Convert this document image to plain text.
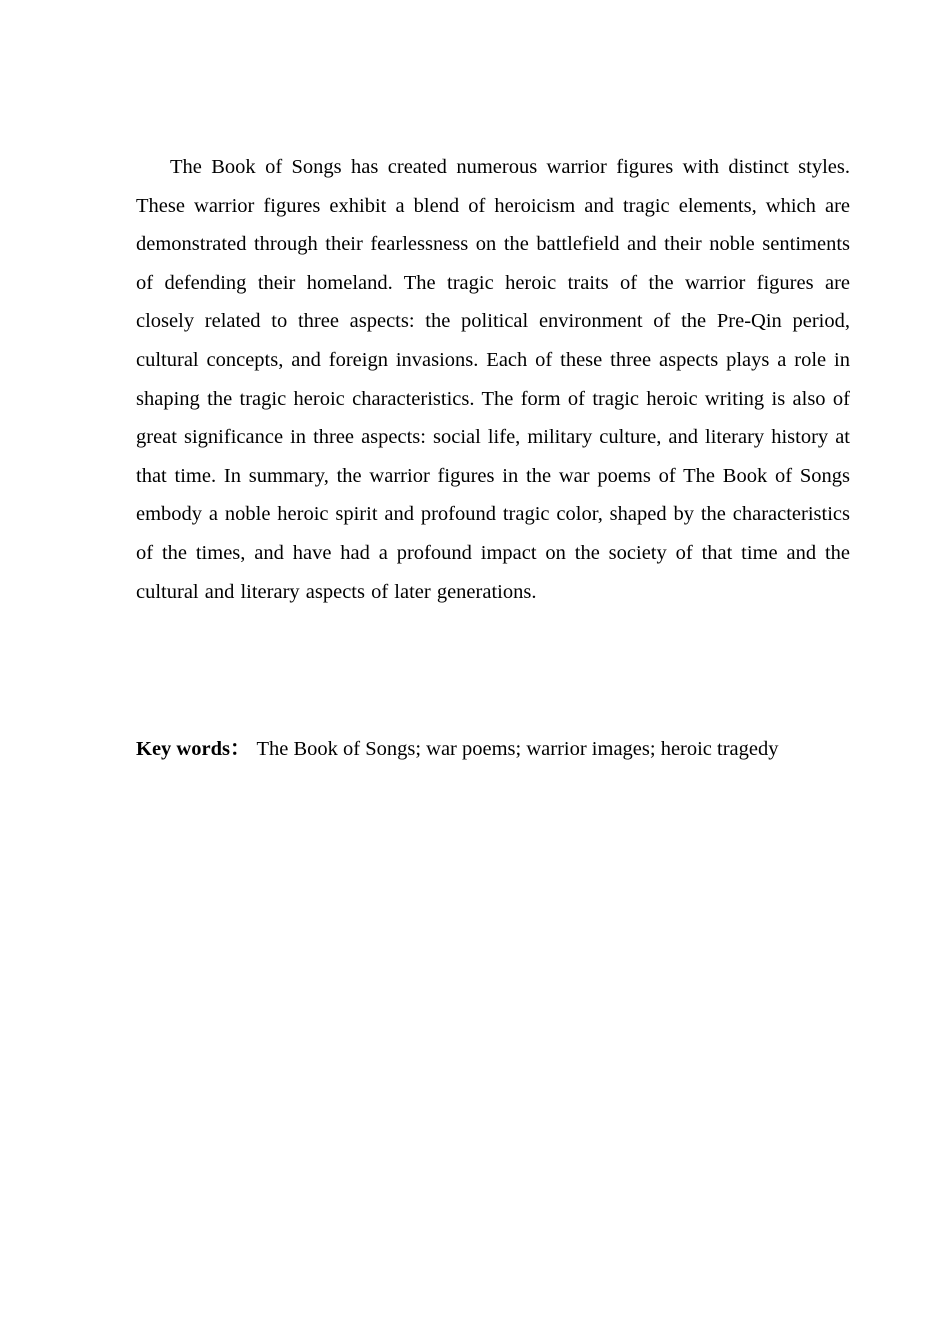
The Book of Songs has created numerous warrior figures with distinct styles. These warrior figures exhibit a blend of heroicism and tragic elements, which are demonstrated through their fearlessness on the battlefield and their noble sentiments of defending their homeland. The tragic heroic traits of the warrior figures are closely related to three aspects: the political environment of the Pre-Qin period, cultural concepts, and foreign invasions. Each of these three aspects plays a role in shaping the tragic heroic characteristics. The form of tragic heroic writing is also of great significance in three aspects: social life, military culture, and literary history at that time. In summary, the warrior figures in the war poems of The Book of Songs embody a noble heroic spirit and profound tragic color, shaped by the characteristics of the times, and have had a profound impact on the society of that time and the cultural and literary aspects of later generations.

Key words： The Book of Songs; war poems; warrior images; heroic tragedy
